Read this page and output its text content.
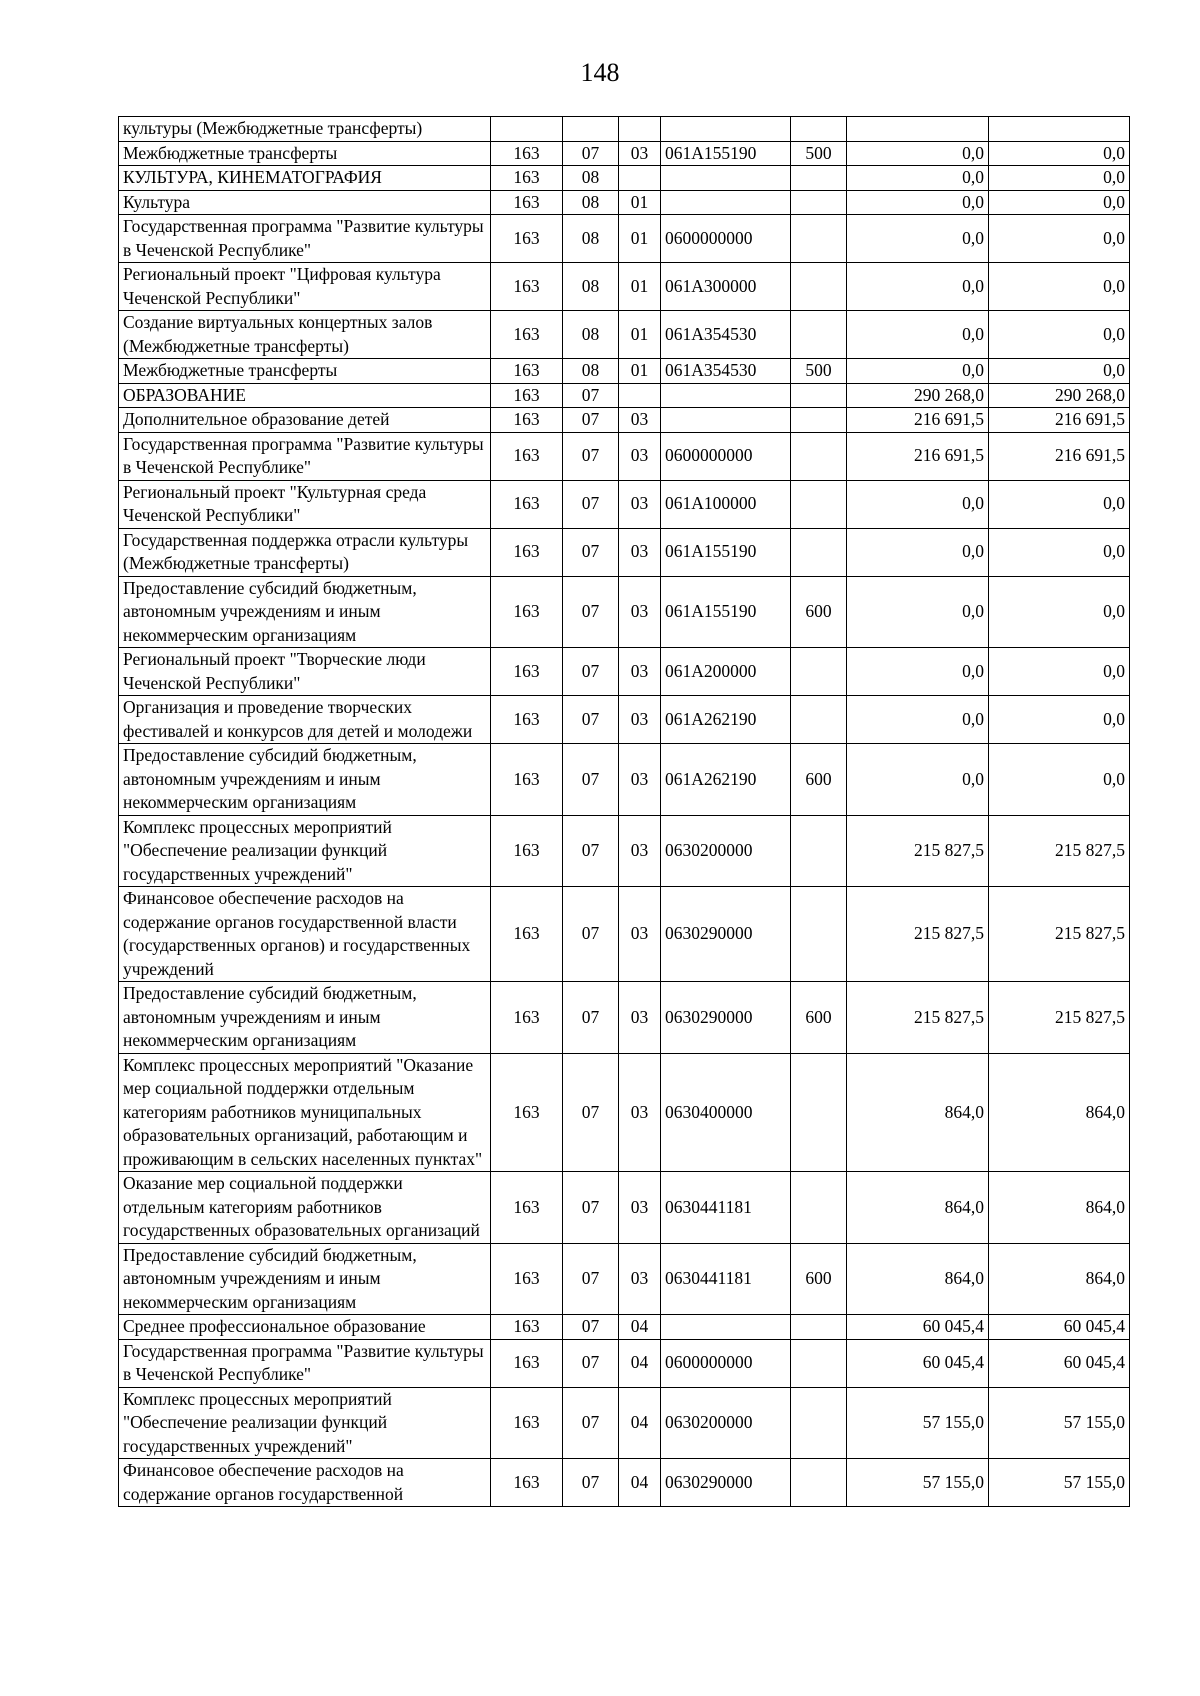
148
культуры (Межбюджетные трансферты)							
Межбюджетные трансферты	163	07	03	061A155190	500	0,0	0,0
КУЛЬТУРА, КИНЕМАТОГРАФИЯ	163	08				0,0	0,0
Культура	163	08	01			0,0	0,0
Государственная программа "Развитие культуры в Чеченской Республике"	163	08	01	0600000000		0,0	0,0
Региональный проект "Цифровая культура Чеченской Республики"	163	08	01	061A300000		0,0	0,0
Создание виртуальных концертных залов (Межбюджетные трансферты)	163	08	01	061A354530		0,0	0,0
Межбюджетные трансферты	163	08	01	061A354530	500	0,0	0,0
ОБРАЗОВАНИЕ	163	07				290 268,0	290 268,0
Дополнительное образование детей	163	07	03			216 691,5	216 691,5
Государственная программа "Развитие культуры в Чеченской Республике"	163	07	03	0600000000		216 691,5	216 691,5
Региональный проект "Культурная среда Чеченской Республики"	163	07	03	061A100000		0,0	0,0
Государственная поддержка отрасли культуры (Межбюджетные трансферты)	163	07	03	061A155190		0,0	0,0
Предоставление субсидий бюджетным, автономным учреждениям и иным некоммерческим организациям	163	07	03	061A155190	600	0,0	0,0
Региональный проект "Творческие люди Чеченской Республики"	163	07	03	061A200000		0,0	0,0
Организация и проведение творческих фестивалей и конкурсов для детей и молодежи	163	07	03	061A262190		0,0	0,0
Предоставление субсидий бюджетным, автономным учреждениям и иным некоммерческим организациям	163	07	03	061A262190	600	0,0	0,0
Комплекс процессных мероприятий "Обеспечение реализации функций государственных учреждений"	163	07	03	0630200000		215 827,5	215 827,5
Финансовое обеспечение расходов на содержание органов государственной власти (государственных органов) и государственных учреждений	163	07	03	0630290000		215 827,5	215 827,5
Предоставление субсидий бюджетным, автономным учреждениям и иным некоммерческим организациям	163	07	03	0630290000	600	215 827,5	215 827,5
Комплекс процессных мероприятий "Оказание мер социальной поддержки отдельным категориям работников муниципальных образовательных организаций, работающим и проживающим в сельских населенных пунктах"	163	07	03	0630400000		864,0	864,0
Оказание мер социальной поддержки отдельным категориям работников государственных образовательных организаций	163	07	03	0630441181		864,0	864,0
Предоставление субсидий бюджетным, автономным учреждениям и иным некоммерческим организациям	163	07	03	0630441181	600	864,0	864,0
Среднее профессиональное образование	163	07	04			60 045,4	60 045,4
Государственная программа "Развитие культуры в Чеченской Республике"	163	07	04	0600000000		60 045,4	60 045,4
Комплекс процессных мероприятий "Обеспечение реализации функций государственных учреждений"	163	07	04	0630200000		57 155,0	57 155,0
Финансовое обеспечение расходов на содержание органов государственной	163	07	04	0630290000		57 155,0	57 155,0
